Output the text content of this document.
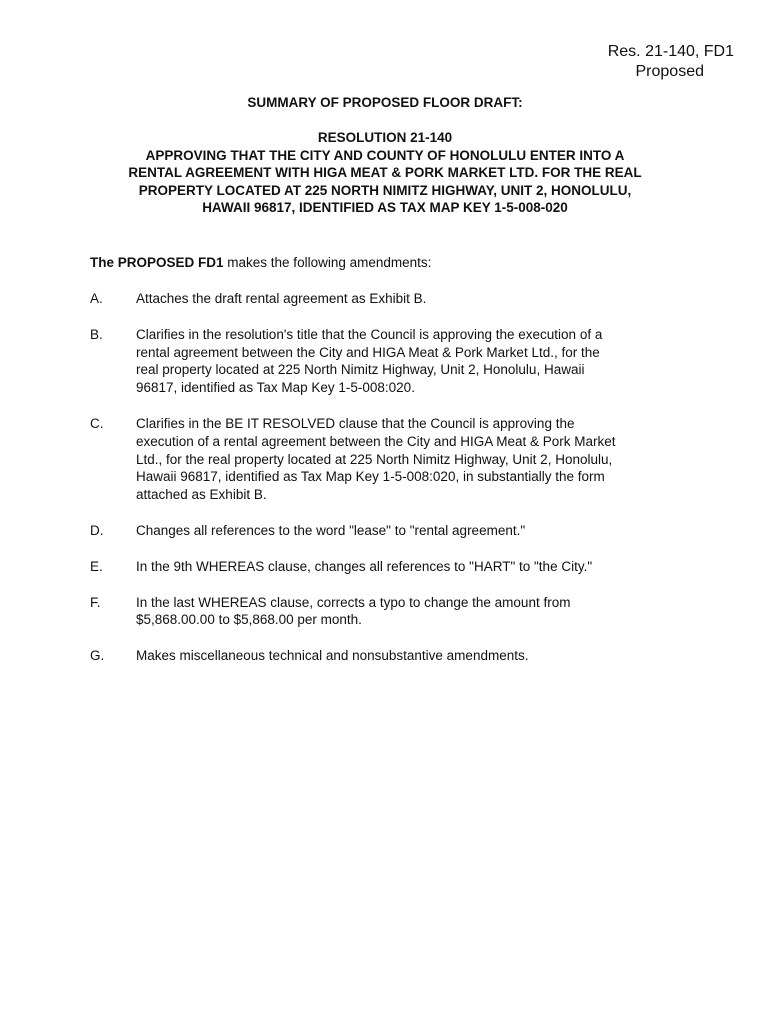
Res. 21-140, FD1
Proposed
SUMMARY OF PROPOSED FLOOR DRAFT:
RESOLUTION 21-140
APPROVING THAT THE CITY AND COUNTY OF HONOLULU ENTER INTO A
RENTAL AGREEMENT WITH HIGA MEAT & PORK MARKET LTD. FOR THE REAL
PROPERTY LOCATED AT 225 NORTH NIMITZ HIGHWAY, UNIT 2, HONOLULU,
HAWAII 96817, IDENTIFIED AS TAX MAP KEY 1-5-008-020
The PROPOSED FD1 makes the following amendments:
A.	Attaches the draft rental agreement as Exhibit B.
B.	Clarifies in the resolution's title that the Council is approving the execution of a
rental agreement between the City and HIGA Meat & Pork Market Ltd., for the
real property located at 225 North Nimitz Highway, Unit 2, Honolulu, Hawaii
96817, identified as Tax Map Key 1-5-008:020.
C.	Clarifies in the BE IT RESOLVED clause that the Council is approving the
execution of a rental agreement between the City and HIGA Meat & Pork Market
Ltd., for the real property located at 225 North Nimitz Highway, Unit 2, Honolulu,
Hawaii 96817, identified as Tax Map Key 1-5-008:020, in substantially the form
attached as Exhibit B.
D.	Changes all references to the word "lease" to "rental agreement."
E.	In the 9th WHEREAS clause, changes all references to "HART" to "the City."
F.	In the last WHEREAS clause, corrects a typo to change the amount from
$5,868.00.00 to $5,868.00 per month.
G.	Makes miscellaneous technical and nonsubstantive amendments.
